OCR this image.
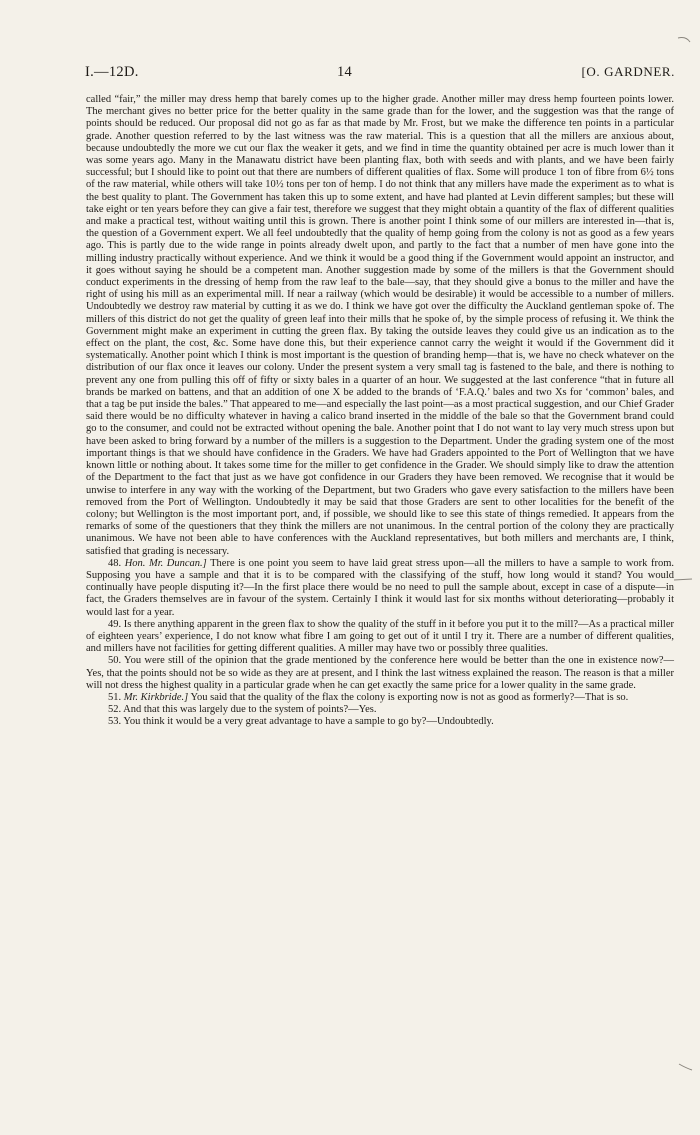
I.—12D.	14	[O. GARDNER.

called “fair,” the miller may dress hemp that barely comes up to the higher grade. Another miller may dress hemp fourteen points lower. The merchant gives no better price for the better quality in the same grade than for the lower, and the suggestion was that the range of points should be reduced. Our proposal did not go as far as that made by Mr. Frost, but we make the difference ten points in a particular grade. Another question referred to by the last witness was the raw material. This is a question that all the millers are anxious about, because undoubtedly the more we cut our flax the weaker it gets, and we find in time the quantity obtained per acre is much lower than it was some years ago. Many in the Manawatu district have been planting flax, both with seeds and with plants, and we have been fairly successful; but I should like to point out that there are numbers of different qualities of flax. Some will produce 1 ton of fibre from 6½ tons of the raw material, while others will take 10½ tons per ton of hemp. I do not think that any millers have made the experiment as to what is the best quality to plant. The Government has taken this up to some extent, and have had planted at Levin different samples; but these will take eight or ten years before they can give a fair test, therefore we suggest that they might obtain a quantity of the flax of different qualities and make a practical test, without waiting until this is grown. There is another point I think some of our millers are interested in—that is, the question of a Government expert. We all feel undoubtedly that the quality of hemp going from the colony is not as good as a few years ago. This is partly due to the wide range in points already dwelt upon, and partly to the fact that a number of men have gone into the milling industry practically without experience. And we think it would be a good thing if the Government would appoint an instructor, and it goes without saying he should be a competent man. Another suggestion made by some of the millers is that the Government should conduct experiments in the dressing of hemp from the raw leaf to the bale—say, that they should give a bonus to the miller and have the right of using his mill as an experimental mill. If near a railway (which would be desirable) it would be accessible to a number of millers. Undoubtedly we destroy raw material by cutting it as we do. I think we have got over the difficulty the Auckland gentleman spoke of. The millers of this district do not get the quality of green leaf into their mills that he spoke of, by the simple process of refusing it. We think the Government might make an experiment in cutting the green flax. By taking the outside leaves they could give us an indication as to the effect on the plant, the cost, &c. Some have done this, but their experience cannot carry the weight it would if the Government did it systematically. Another point which I think is most important is the question of branding hemp—that is, we have no check whatever on the distribution of our flax once it leaves our colony. Under the present system a very small tag is fastened to the bale, and there is nothing to prevent any one from pulling this off of fifty or sixty bales in a quarter of an hour. We suggested at the last conference “that in future all brands be marked on battens, and that an addition of one X be added to the brands of ‘F.A.Q.’ bales and two Xs for ‘common’ bales, and that a tag be put inside the bales.” That appeared to me—and especially the last point—as a most practical suggestion, and our Chief Grader said there would be no difficulty whatever in having a calico brand inserted in the middle of the bale so that the Government brand could go to the consumer, and could not be extracted without opening the bale. Another point that I do not want to lay very much stress upon but have been asked to bring forward by a number of the millers is a suggestion to the Department. Under the grading system one of the most important things is that we should have confidence in the Graders. We have had Graders appointed to the Port of Wellington that we have known little or nothing about. It takes some time for the miller to get confidence in the Grader. We should simply like to draw the attention of the Department to the fact that just as we have got confidence in our Graders they have been removed. We recognise that it would be unwise to interfere in any way with the working of the Department, but two Graders who gave every satisfaction to the millers have been removed from the Port of Wellington. Undoubtedly it may be said that those Graders are sent to other localities for the benefit of the colony; but Wellington is the most important port, and, if possible, we should like to see this state of things remedied. It appears from the remarks of some of the questioners that they think the millers are not unanimous. In the central portion of the colony they are practically unanimous. We have not been able to have conferences with the Auckland representatives, but both millers and merchants are, I think, satisfied that grading is necessary.

48. Hon. Mr. Duncan.] There is one point you seem to have laid great stress upon—all the millers to have a sample to work from. Supposing you have a sample and that it is to be compared with the classifying of the stuff, how long would it stand? You would continually have people disputing it?—In the first place there would be no need to pull the sample about, except in case of a dispute—in fact, the Graders themselves are in favour of the system. Certainly I think it would last for six months without deteriorating—probably it would last for a year.

49. Is there anything apparent in the green flax to show the quality of the stuff in it before you put it to the mill?—As a practical miller of eighteen years’ experience, I do not know what fibre I am going to get out of it until I try it. There are a number of different qualities, and millers have not facilities for getting different qualities. A miller may have two or possibly three qualities.

50. You were still of the opinion that the grade mentioned by the conference here would be better than the one in existence now?—Yes, that the points should not be so wide as they are at present, and I think the last witness explained the reason. The reason is that a miller will not dress the highest quality in a particular grade when he can get exactly the same price for a lower quality in the same grade.

51. Mr. Kirkbride.] You said that the quality of the flax the colony is exporting now is not as good as formerly?—That is so.

52. And that this was largely due to the system of points?—Yes.

53. You think it would be a very great advantage to have a sample to go by?—Undoubtedly.
